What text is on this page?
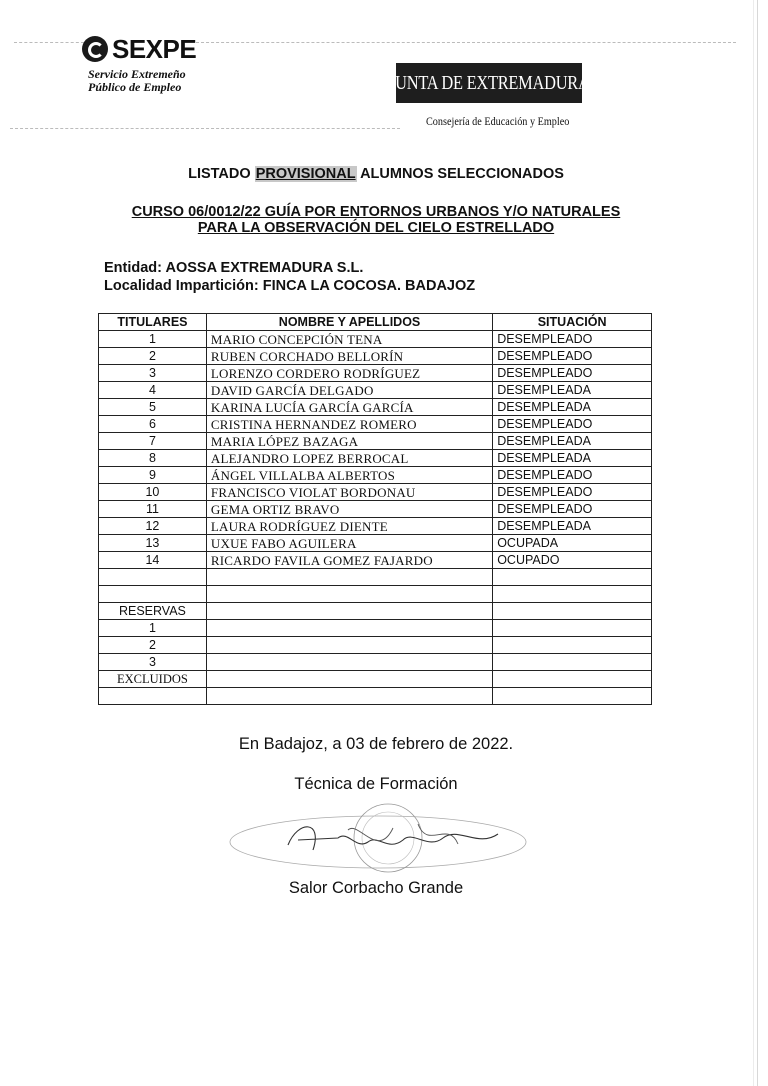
SEXPE
Servicio Extremeño
Público de Empleo	JUNTA DE EXTREMADURA
Consejería de Educación y Empleo
LISTADO PROVISIONAL ALUMNOS SELECCIONADOS
CURSO 06/0012/22 GUÍA POR ENTORNOS URBANOS Y/O NATURALES
PARA LA OBSERVACIÓN DEL CIELO ESTRELLADO
Entidad: AOSSA EXTREMADURA S.L.
Localidad Impartición: FINCA LA COCOSA. BADAJOZ
TITULARES	NOMBRE Y APELLIDOS	SITUACIÓN
1	MARIO CONCEPCIÓN TENA	DESEMPLEADO
2	RUBEN CORCHADO BELLORÍN	DESEMPLEADO
3	LORENZO CORDERO RODRÍGUEZ	DESEMPLEADO
4	DAVID GARCÍA DELGADO	DESEMPLEADA
5	KARINA LUCÍA GARCÍA GARCÍA	DESEMPLEADA
6	CRISTINA HERNANDEZ ROMERO	DESEMPLEADO
7	MARIA LÓPEZ BAZAGA	DESEMPLEADA
8	ALEJANDRO LOPEZ BERROCAL	DESEMPLEADA
9	ÁNGEL VILLALBA ALBERTOS	DESEMPLEADO
10	FRANCISCO VIOLAT BORDONAU	DESEMPLEADO
11	GEMA ORTIZ BRAVO	DESEMPLEADO
12	LAURA RODRÍGUEZ DIENTE	DESEMPLEADA
13	UXUE FABO AGUILERA	OCUPADA
14	RICARDO FAVILA GOMEZ FAJARDO	OCUPADO

RESERVAS		
1		
2		
3		
EXCLUIDOS		

En Badajoz, a 03 de febrero de 2022.
Técnica de Formación
Salor Corbacho Grande
